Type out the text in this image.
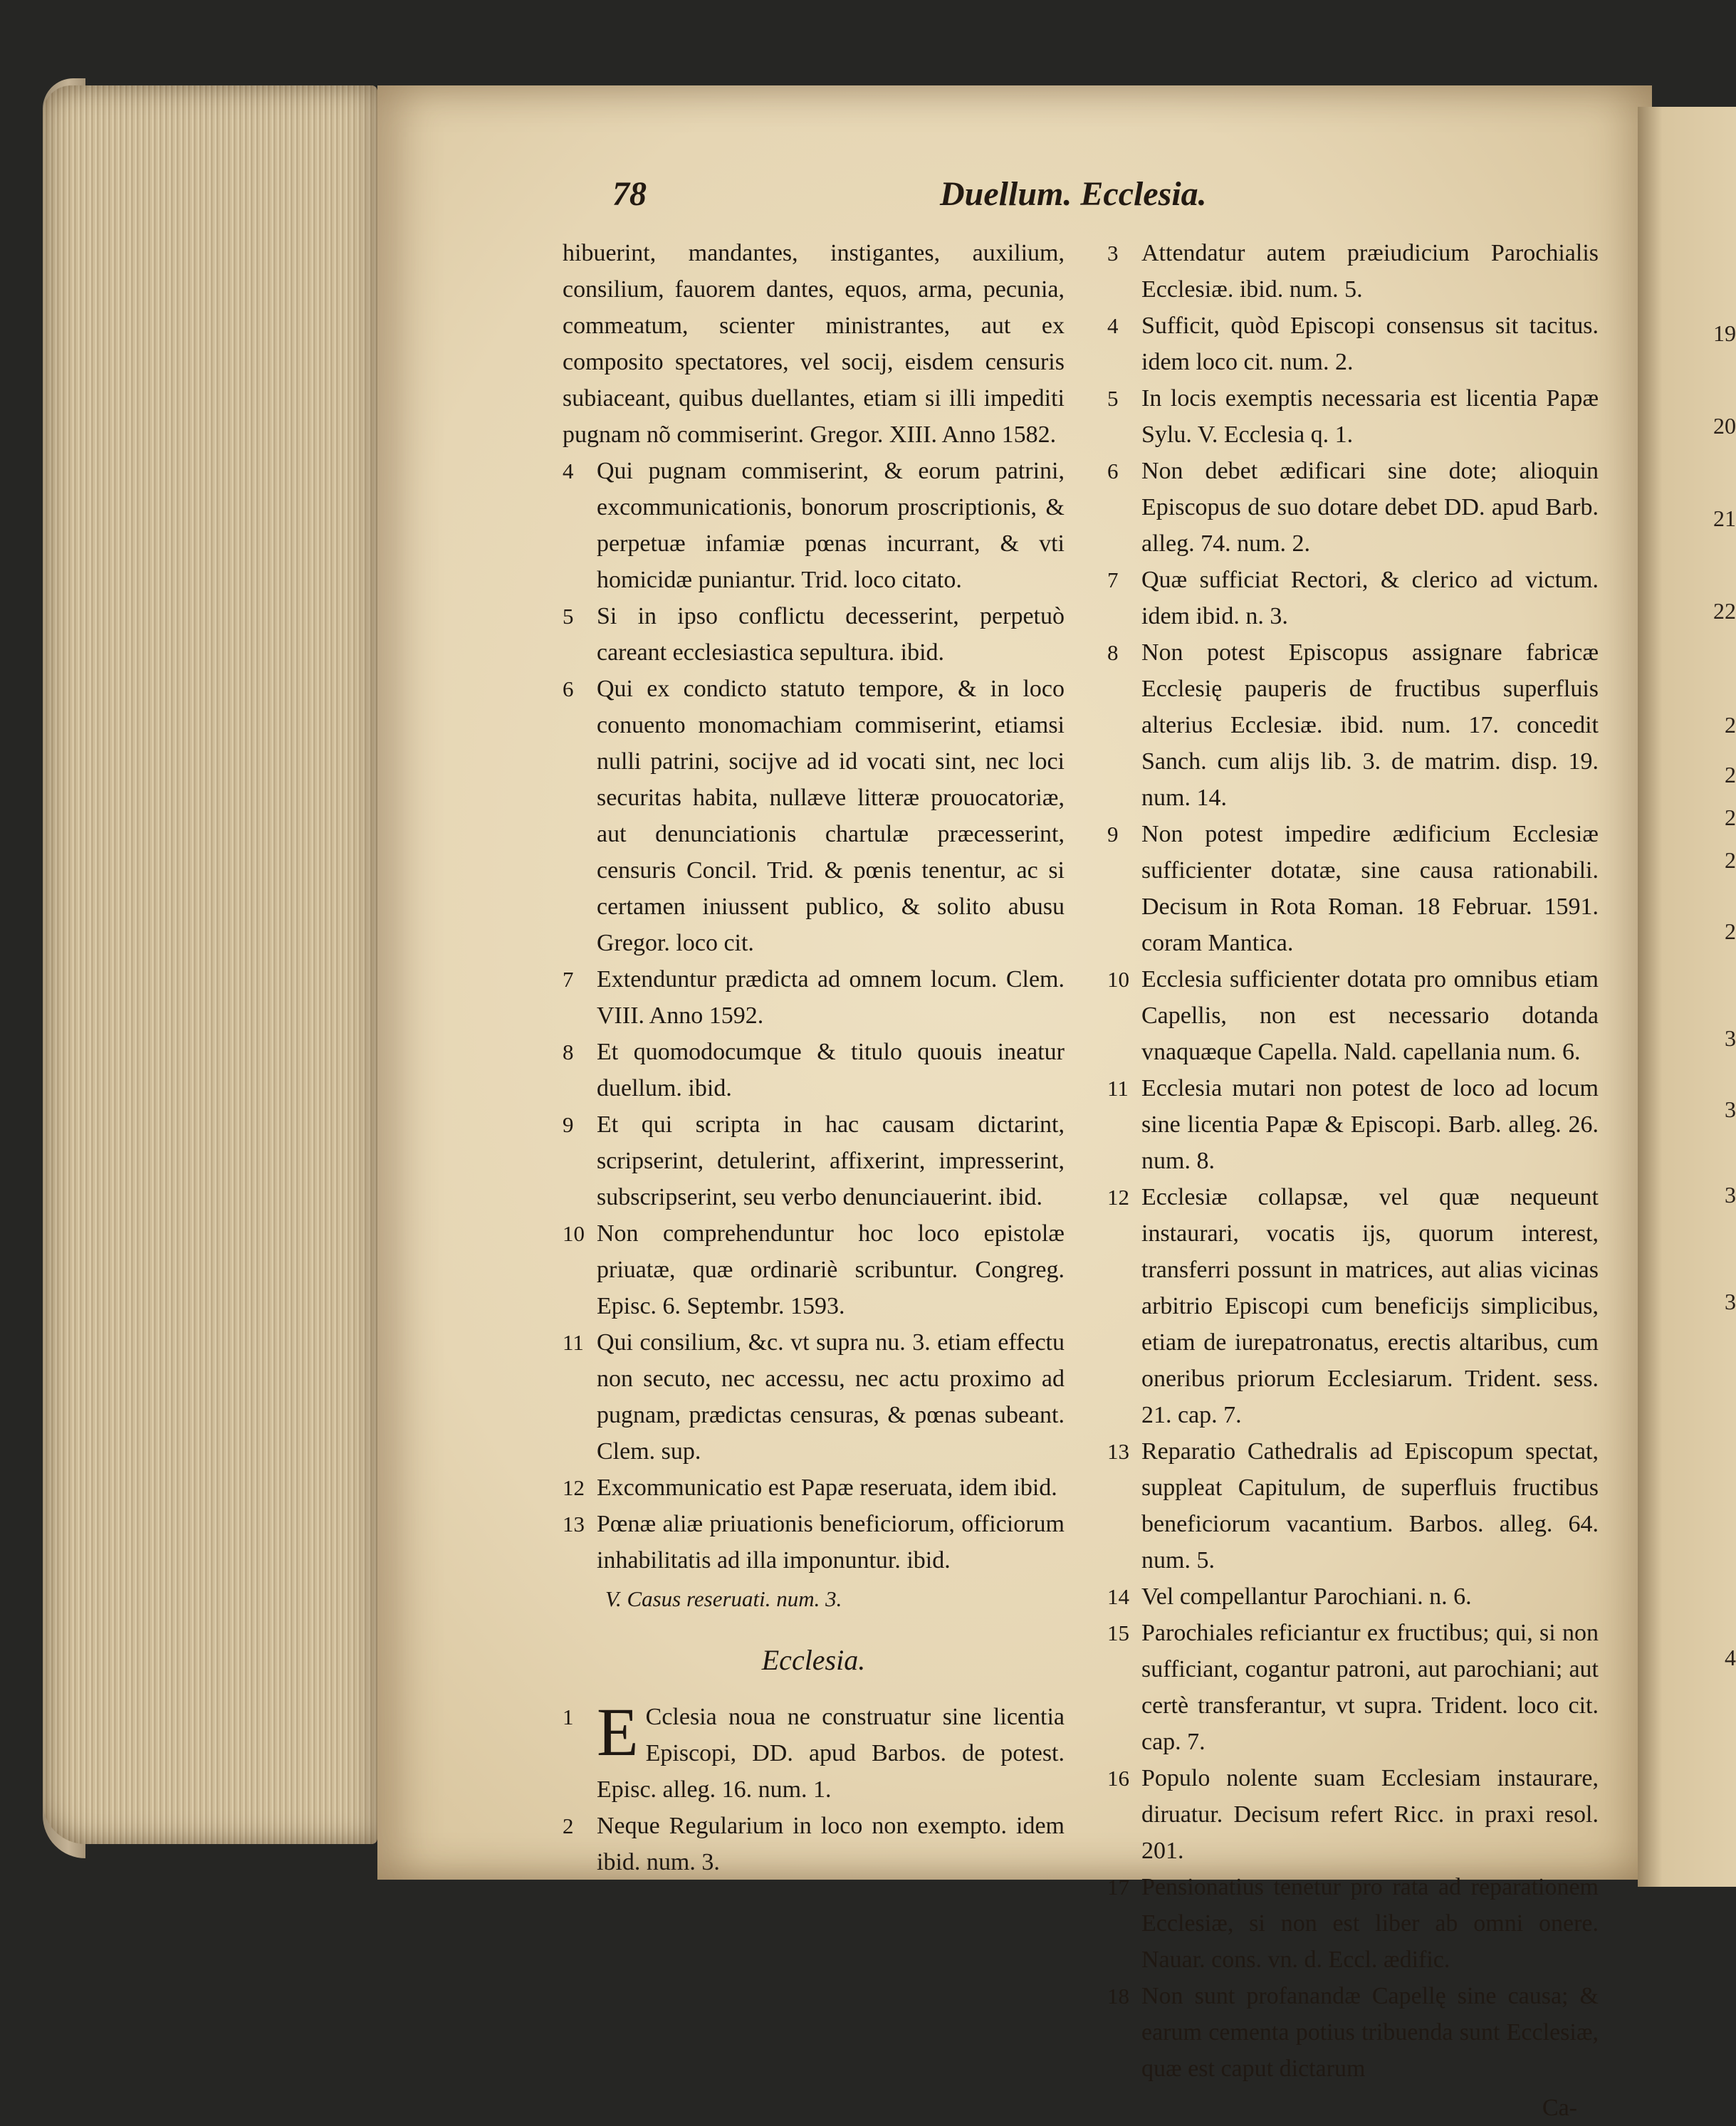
19
20
21
22
2
2
2
2
2
3
3
3
3
4
78	Duellum. Ecclesia.

hibuerint, mandantes, instigantes, auxilium, consilium, fauorem dantes, equos, arma, pecunia, commeatum, scienter ministrantes, aut ex composito spectatores, vel socij, eisdem censuris subiaceant, quibus duellantes, etiam si illi impediti pugnam nõ commiserint. Gregor. XIII. Anno 1582.

4 Qui pugnam commiserint, & eorum patrini, excommunicationis, bonorum proscriptionis, & perpetuæ infamiæ pœnas incurrant, & vti homicidæ puniantur. Trid. loco citato.
5 Si in ipso conflictu decesserint, perpetuò careant ecclesiastica sepultura. ibid.
6 Qui ex condicto statuto tempore, & in loco conuento monomachiam commiserint, etiamsi nulli patrini, socijve ad id vocati sint, nec loci securitas habita, nullæve litteræ prouocatoriæ, aut denunciationis chartulæ præcesserint, censuris Concil. Trid. & pœnis tenentur, ac si certamen iniussent publico, & solito abusu Gregor. loco cit.
7 Extenduntur prædicta ad omnem locum. Clem. VIII. Anno 1592.
8 Et quomodocumque & titulo quouis ineatur duellum. ibid.
9 Et qui scripta in hac causam dictarint, scripserint, detulerint, affixerint, impresserint, subscripserint, seu verbo denunciauerint. ibid.
10 Non comprehenduntur hoc loco epistolæ priuatæ, quæ ordinariè scribuntur. Congreg. Episc. 6. Septembr. 1593.
11 Qui consilium, &c. vt supra nu. 3. etiam effectu non secuto, nec accessu, nec actu proximo ad pugnam, prædictas censuras, & pœnas subeant. Clem. sup.
12 Excommunicatio est Papæ reseruata, idem ibid.
13 Pœnæ aliæ priuationis beneficiorum, officiorum inhabilitatis ad illa imponuntur. ibid.

V. Casus reseruati. num. 3.

Ecclesia.
1 E Cclesia noua ne construatur sine licentia Episcopi, DD. apud Barbos. de potest. Episc. alleg. 16. num. 1.
2 Neque Regularium in loco non exempto. idem ibid. num. 3.
3 Attendatur autem præiudicium Parochialis Ecclesiæ. ibid. num. 5.
4 Sufficit, quòd Episcopi consensus sit tacitus. idem loco cit. num. 2.
5 In locis exemptis necessaria est licentia Papæ Sylu. V. Ecclesia q. 1.
6 Non debet ædificari sine dote; alioquin Episcopus de suo dotare debet DD. apud Barb. alleg. 74. num. 2.
7 Quæ sufficiat Rectori, & clerico ad victum. idem ibid. n. 3.
8 Non potest Episcopus assignare fabricæ Ecclesię pauperis de fructibus superfluis alterius Ecclesiæ. ibid. num. 17. concedit Sanch. cum alijs lib. 3. de matrim. disp. 19. num. 14.
9 Non potest impedire ædificium Ecclesiæ sufficienter dotatæ, sine causa rationabili. Decisum in Rota Roman. 18 Februar. 1591. coram Mantica.
10 Ecclesia sufficienter dotata pro omnibus etiam Capellis, non est necessario dotanda vnaquæque Capella. Nald. capellania num. 6.
11 Ecclesia mutari non potest de loco ad locum sine licentia Papæ & Episcopi. Barb. alleg. 26. num. 8.
12 Ecclesiæ collapsæ, vel quæ nequeunt instaurari, vocatis ijs, quorum interest, transferri possunt in matrices, aut alias vicinas arbitrio Episcopi cum beneficijs simplicibus, etiam de iurepatronatus, erectis altaribus, cum oneribus priorum Ecclesiarum. Trident. sess. 21. cap. 7.
13 Reparatio Cathedralis ad Episcopum spectat, suppleat Capitulum, de superfluis fructibus beneficiorum vacantium. Barbos. alleg. 64. num. 5.
14 Vel compellantur Parochiani. n. 6.
15 Parochiales reficiantur ex fructibus; qui, si non sufficiant, cogantur patroni, aut parochiani; aut certè transferantur, vt supra. Trident. loco cit. cap. 7.
16 Populo nolente suam Ecclesiam instaurare, diruatur. Decisum refert Ricc. in praxi resol. 201.
17 Pensionatius tenetur pro rata ad reparationem Ecclesiæ, si non est liber ab omni onere. Nauar. cons. vn. d. Eccl. ædific.
18 Non sunt profanandæ Capellę sine causa; & earum cementa potius tribuenda sunt Ecclesiæ, quæ est caput dictarum
Ca-
